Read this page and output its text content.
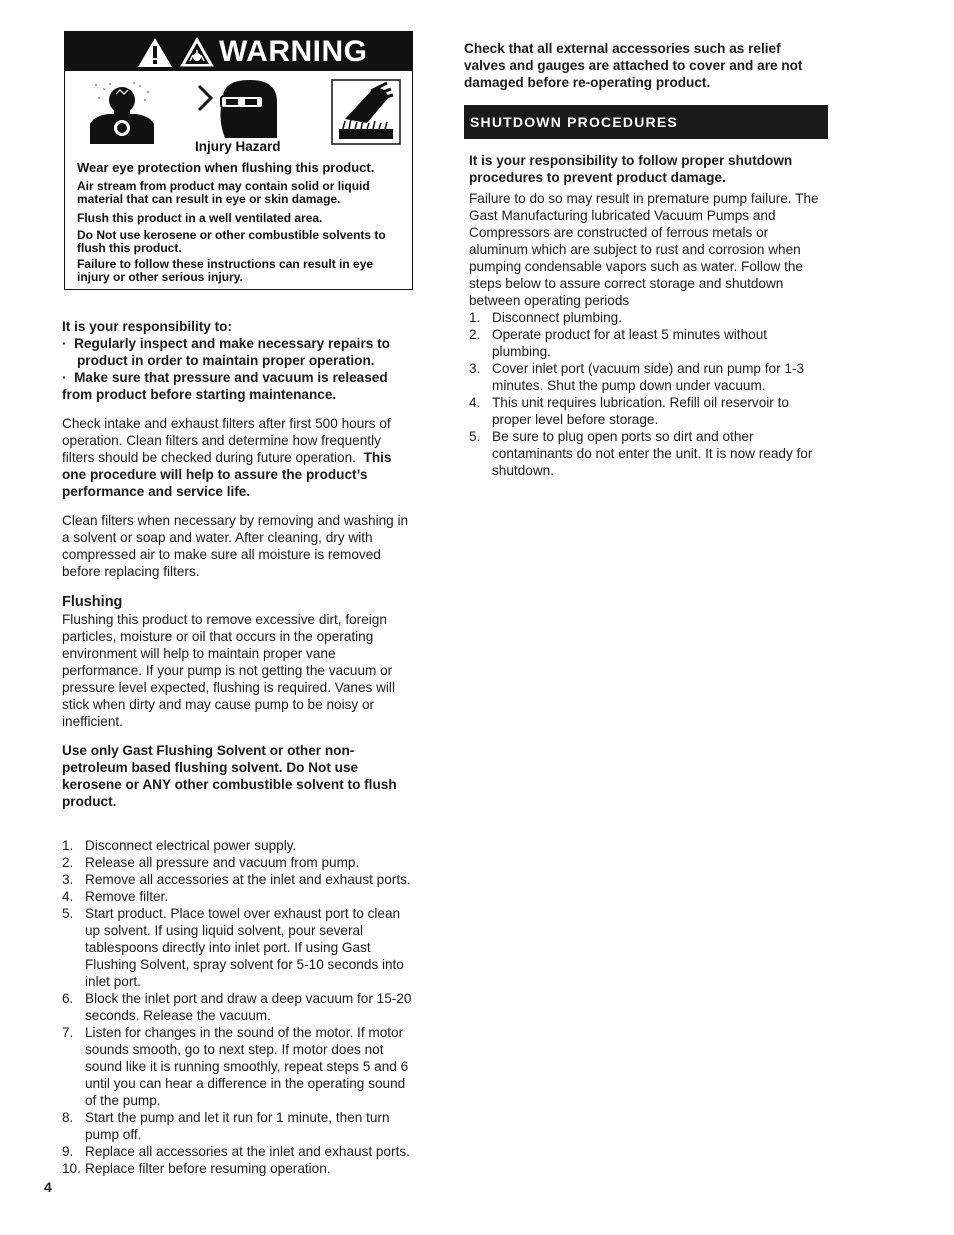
WARNING
Injury Hazard
Wear eye protection when flushing this product.
Air stream from product may contain solid or liquid material that can result in eye or skin damage.
Flush this product in a well ventilated area.
Do Not use kerosene or other combustible solvents to flush this product.
Failure to follow these instructions can result in eye injury or other serious injury.
It is your responsibility to:
·  Regularly inspect and make necessary repairs to product in order to maintain proper operation.
·  Make sure that pressure and vacuum is released from product before starting maintenance.

Check intake and exhaust filters after first 500 hours of operation. Clean filters and determine how frequently filters should be checked during future operation. This one procedure will help to assure the product’s performance and service life.

Clean filters when necessary by removing and washing in a solvent or soap and water. After cleaning, dry with compressed air to make sure all moisture is removed before replacing filters.

Flushing

Flushing this product to remove excessive dirt, foreign particles, moisture or oil that occurs in the operating environment will help to maintain proper vane performance. If your pump is not getting the vacuum or pressure level expected, flushing is required. Vanes will stick when dirty and may cause pump to be noisy or inefficient.

Use only Gast Flushing Solvent or other non-petroleum based flushing solvent. Do Not use kerosene or ANY other combustible solvent to flush product.

1. Disconnect electrical power supply.
2. Release all pressure and vacuum from pump.
3. Remove all accessories at the inlet and exhaust ports.
4. Remove filter.
5. Start product. Place towel over exhaust port to clean up solvent. If using liquid solvent, pour several tablespoons directly into inlet port. If using Gast Flushing Solvent, spray solvent for 5-10 seconds into inlet port.
6. Block the inlet port and draw a deep vacuum for 15-20 seconds. Release the vacuum.
7. Listen for changes in the sound of the motor. If motor sounds smooth, go to next step. If motor does not sound like it is running smoothly, repeat steps 5 and 6 until you can hear a difference in the operating sound of the pump.
8. Start the pump and let it run for 1 minute, then turn pump off.
9. Replace all accessories at the inlet and exhaust ports.
10. Replace filter before resuming operation.
4
Check that all external accessories such as relief valves and gauges are attached to cover and are not damaged before re-operating product.
SHUTDOWN PROCEDURES

It is your responsibility to follow proper shutdown procedures to prevent product damage.

Failure to do so may result in premature pump failure. The Gast Manufacturing lubricated Vacuum Pumps and Compressors are constructed of ferrous metals or aluminum which are subject to rust and corrosion when pumping condensable vapors such as water. Follow the steps below to assure correct storage and shutdown between operating periods

1. Disconnect plumbing.
2. Operate product for at least 5 minutes without plumbing.
3. Cover inlet port (vacuum side) and run pump for 1-3 minutes. Shut the pump down under vacuum.
4. This unit requires lubrication. Refill oil reservoir to proper level before storage.
5. Be sure to plug open ports so dirt and other contaminants do not enter the unit. It is now ready for shutdown.
